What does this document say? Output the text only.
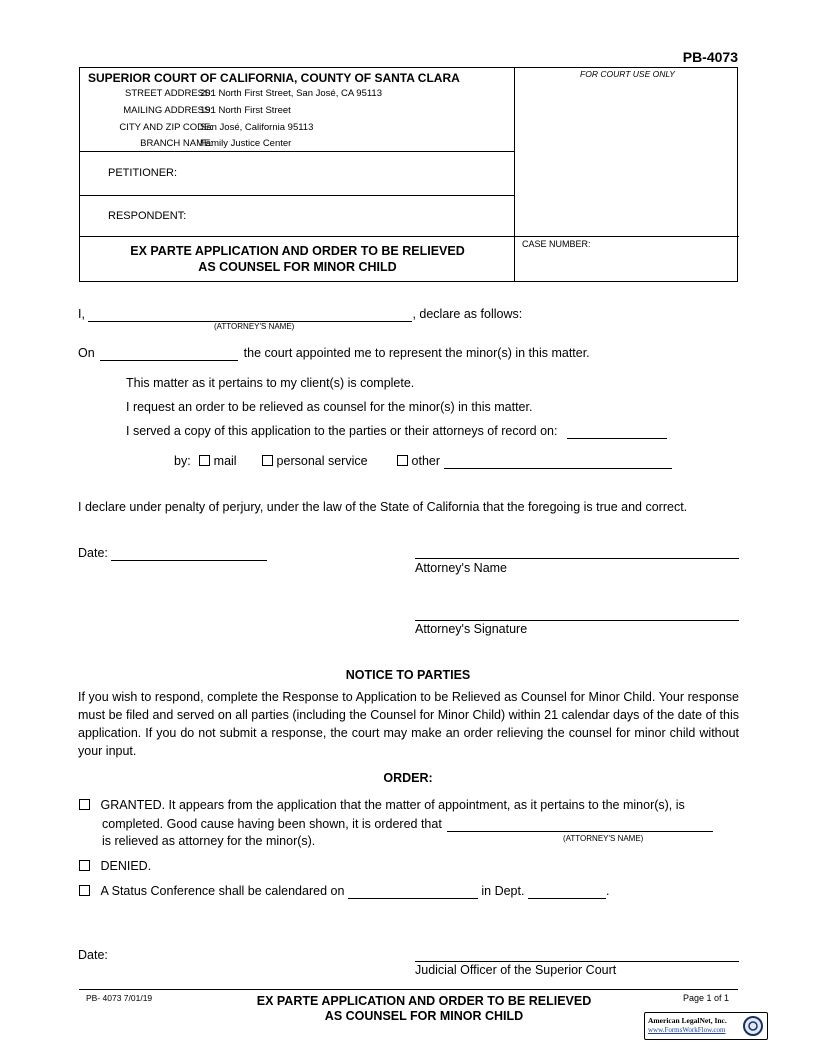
PB-4073
SUPERIOR COURT OF CALIFORNIA, COUNTY OF SANTA CLARA
STREET ADDRESS:
201 North First Street, San José, CA 95113
MAILING ADDRESS:
191 North First Street
CITY AND ZIP CODE:
San José, California 95113
BRANCH NAME:
Family Justice Center
PETITIONER:
RESPONDENT:
EX PARTE APPLICATION AND ORDER TO BE RELIEVED
AS COUNSEL FOR MINOR CHILD
FOR COURT USE ONLY
CASE NUMBER:
I,	, declare as follows:
(ATTORNEY'S NAME)
On	the court appointed me to represent the minor(s) in this matter.
This matter as it pertains to my client(s) is complete.
I request an order to be relieved as counsel for the minor(s) in this matter.
I served a copy of this application to the parties or their attorneys of record on:
by: mail	personal service	other
I declare under penalty of perjury, under the law of the State of California that the foregoing is true and correct.
Date:
Attorney's Name
Attorney's Signature
NOTICE TO PARTIES
If you wish to respond, complete the Response to Application to be Relieved as Counsel for Minor Child. Your response must be filed and served on all parties (including the Counsel for Minor Child) within 21 calendar days of the date of this application. If you do not submit a response, the court may make an order relieving the counsel for minor child without your input.
ORDER:
GRANTED. It appears from the application that the matter of appointment, as it pertains to the minor(s), is
completed. Good cause having been shown, it is ordered that
(ATTORNEY'S NAME)
is relieved as attorney for the minor(s).
DENIED.
A Status Conference shall be calendared on	in Dept.	.
Date:
Judicial Officer of the Superior Court
PB- 4073 7/01/19	EX PARTE APPLICATION AND ORDER TO BE RELIEVED
AS COUNSEL FOR MINOR CHILD
Page 1 of 1
American LegalNet, Inc.
www.FormsWorkFlow.com
